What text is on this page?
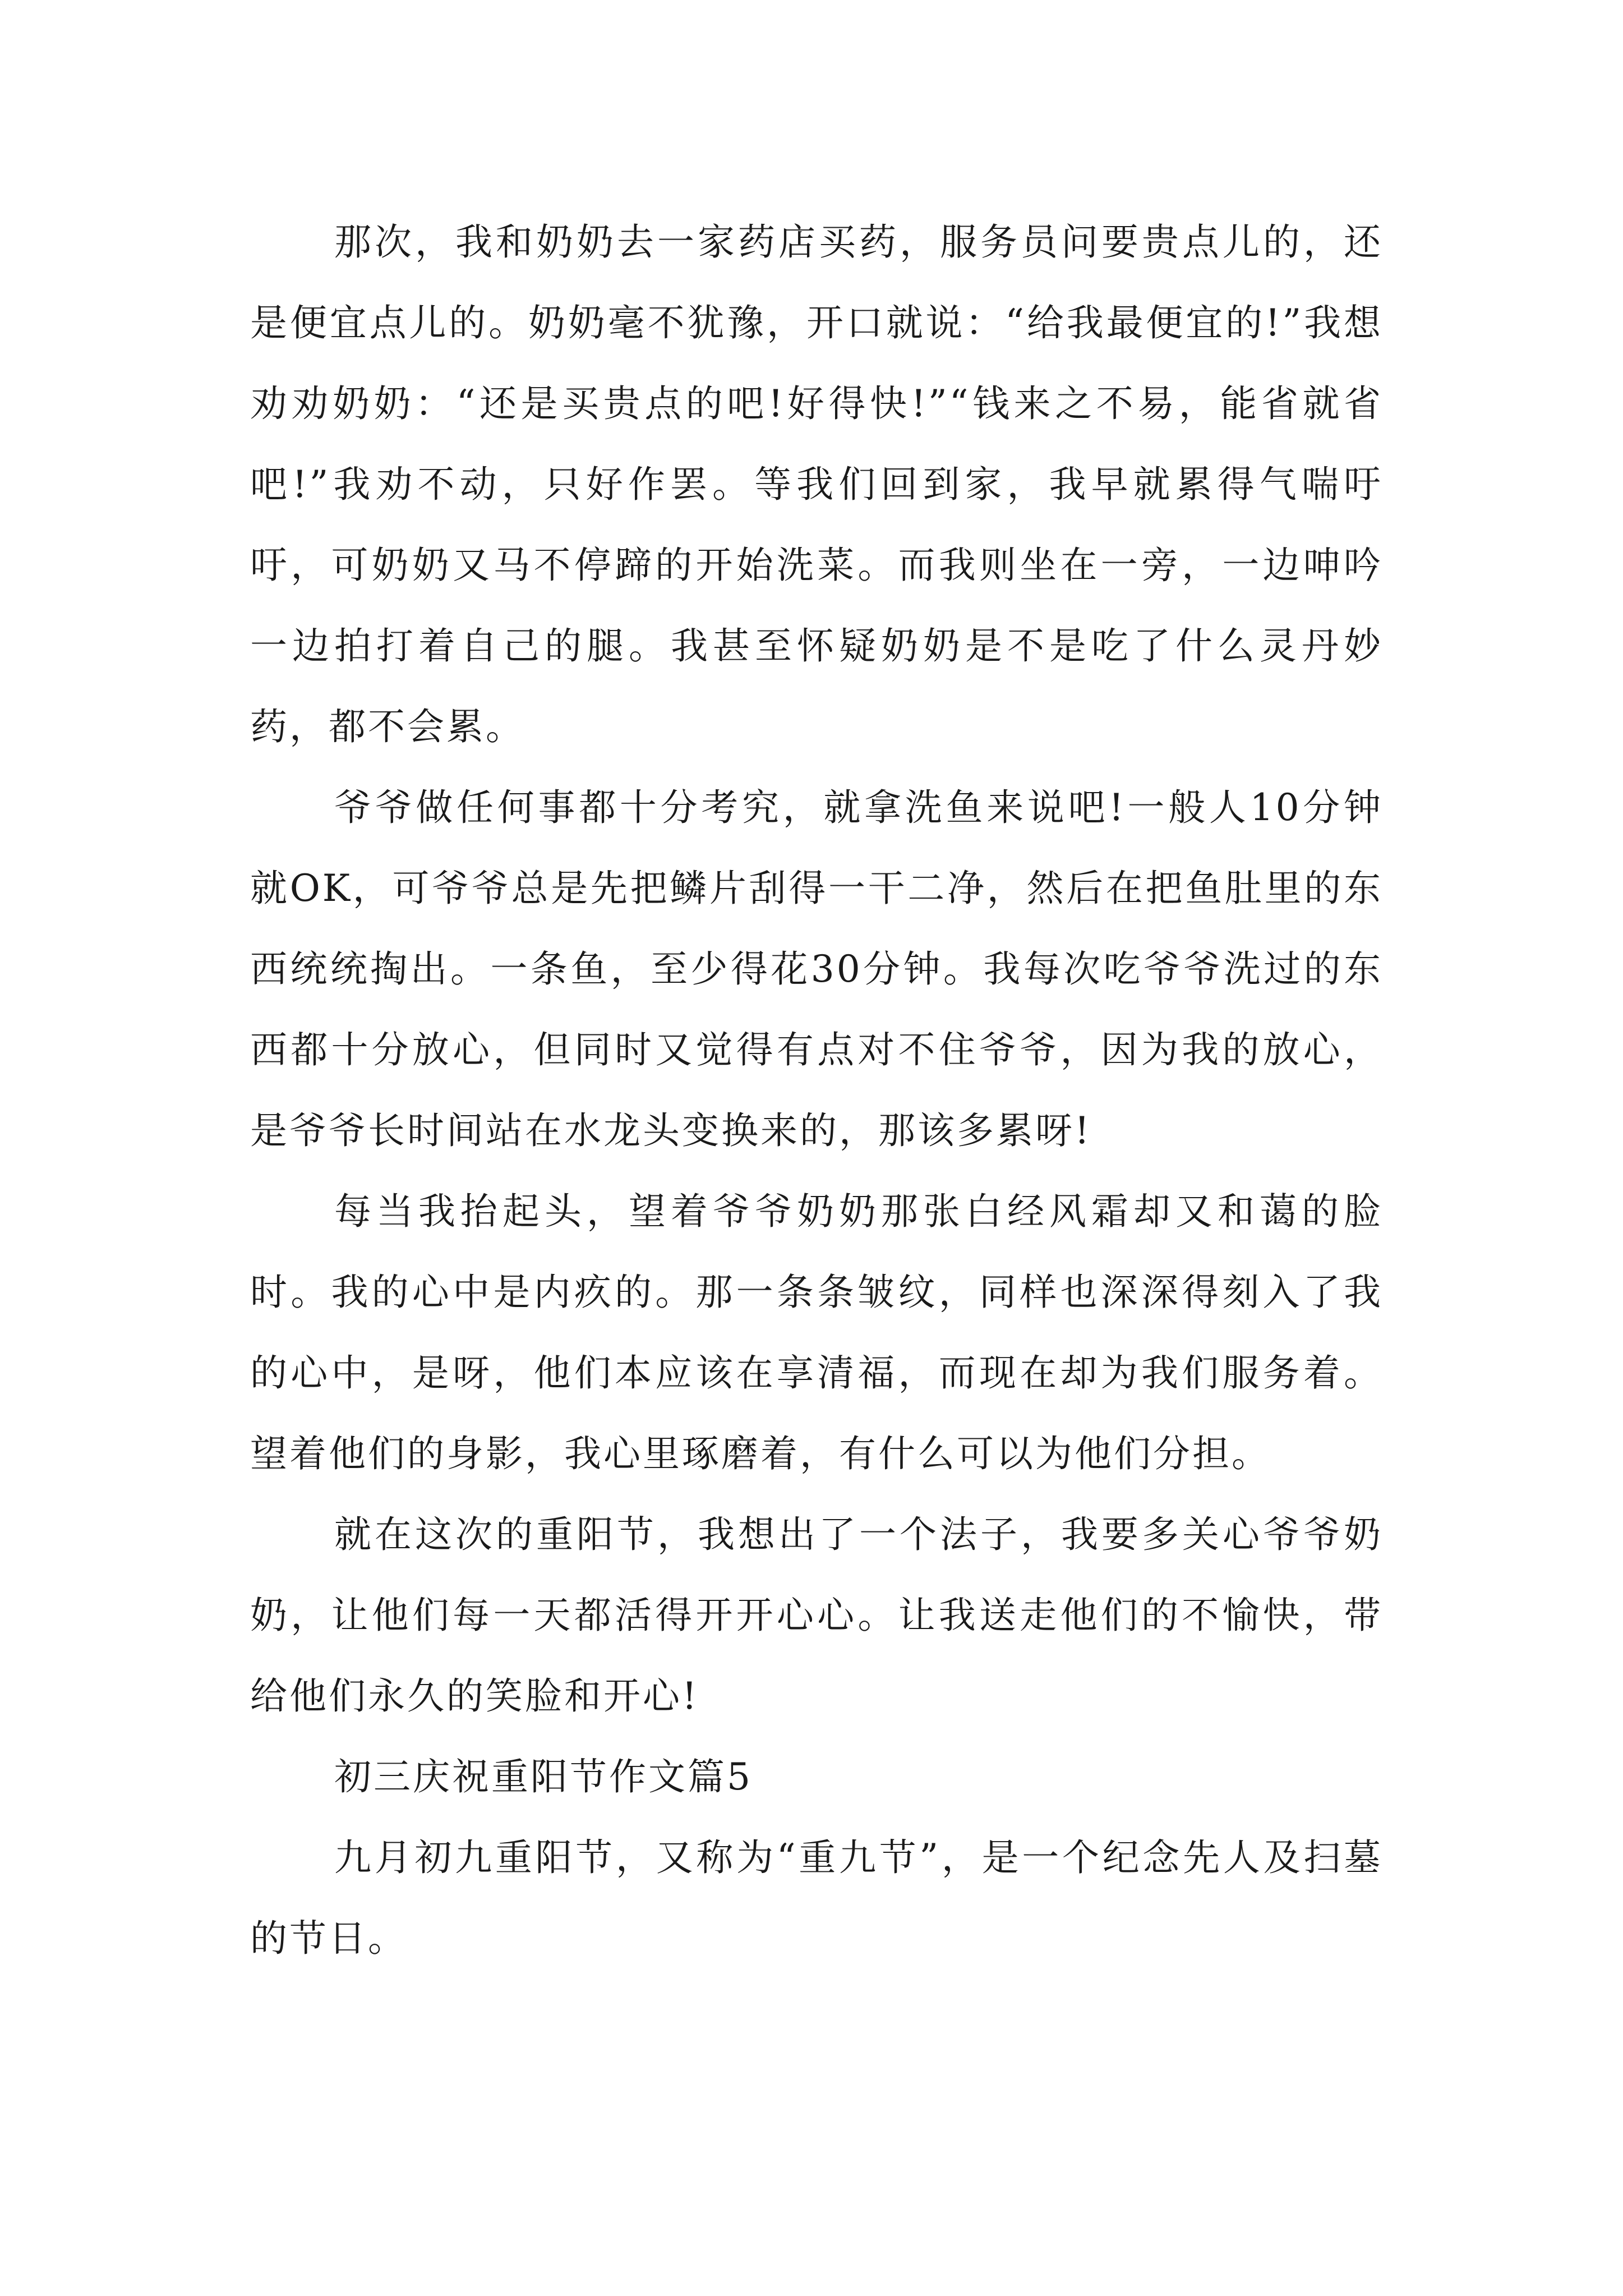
那次，我和奶奶去一家药店买药，服务员问要贵点儿的，还是便宜点儿的。奶奶毫不犹豫，开口就说：“给我最便宜的!”我想劝劝奶奶：“还是买贵点的吧!好得快!”“钱来之不易，能省就省吧!”我劝不动，只好作罢。等我们回到家，我早就累得气喘吁吁，可奶奶又马不停蹄的开始洗菜。而我则坐在一旁，一边呻吟一边拍打着自己的腿。我甚至怀疑奶奶是不是吃了什么灵丹妙药，都不会累。

爷爷做任何事都十分考究，就拿洗鱼来说吧!一般人10分钟就OK，可爷爷总是先把鳞片刮得一干二净，然后在把鱼肚里的东西统统掏出。一条鱼，至少得花30分钟。我每次吃爷爷洗过的东西都十分放心，但同时又觉得有点对不住爷爷，因为我的放心，是爷爷长时间站在水龙头变换来的，那该多累呀!

每当我抬起头，望着爷爷奶奶那张白经风霜却又和蔼的脸时。我的心中是内疚的。那一条条皱纹，同样也深深得刻入了我的心中，是呀，他们本应该在享清福，而现在却为我们服务着。望着他们的身影，我心里琢磨着，有什么可以为他们分担。

就在这次的重阳节，我想出了一个法子，我要多关心爷爷奶奶，让他们每一天都活得开开心心。让我送走他们的不愉快，带给他们永久的笑脸和开心!

初三庆祝重阳节作文篇5

九月初九重阳节，又称为“重九节”，是一个纪念先人及扫墓的节日。
